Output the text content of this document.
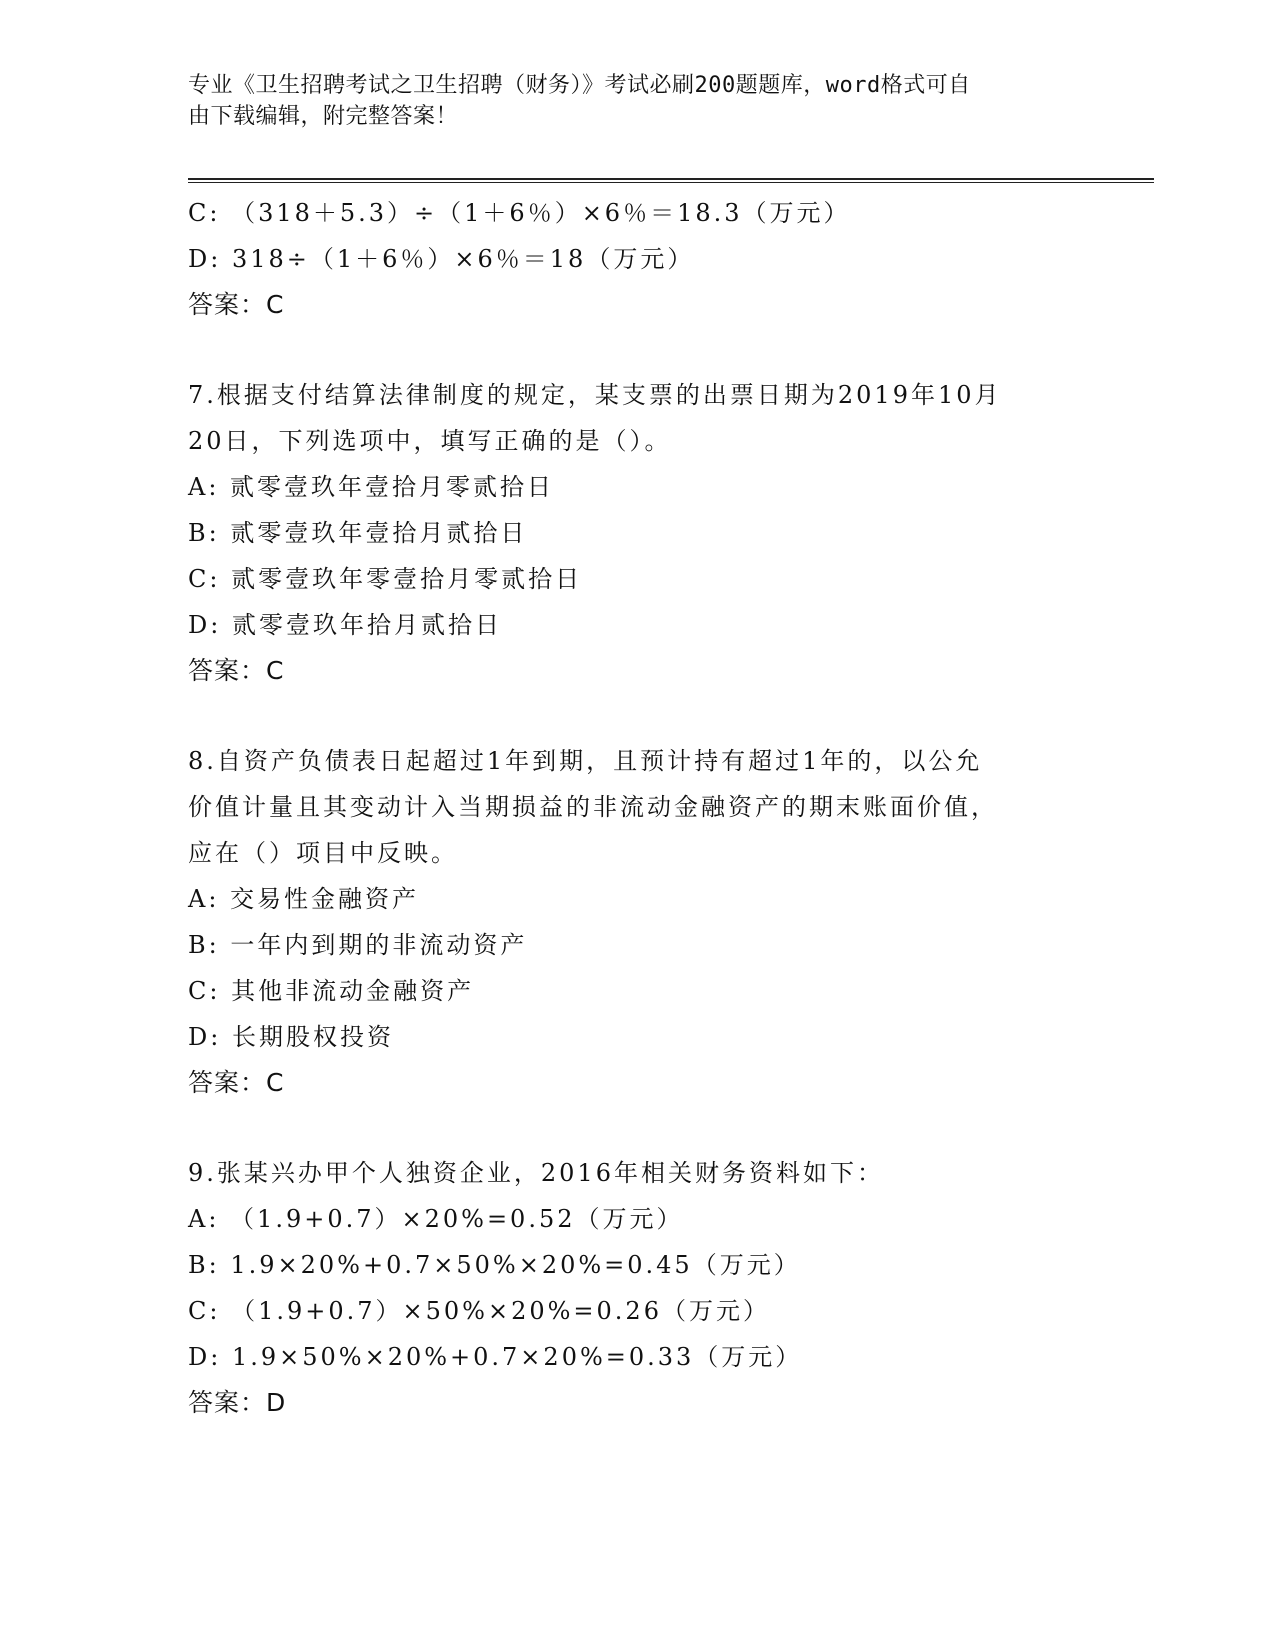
专业《卫生招聘考试之卫生招聘（财务）》考试必刷200题题库，word格式可自
由下载编辑，附完整答案！
C: （318＋5.3）÷（1＋6％）×6％＝18.3（万元）
D: 318÷（1＋6％）×6％＝18（万元）
答案：C
7.根据支付结算法律制度的规定，某支票的出票日期为2019年10月
20日，下列选项中，填写正确的是（）。
A: 贰零壹玖年壹拾月零贰拾日
B: 贰零壹玖年壹拾月贰拾日
C: 贰零壹玖年零壹拾月零贰拾日
D: 贰零壹玖年拾月贰拾日
答案：C
8.自资产负债表日起超过1年到期，且预计持有超过1年的，以公允
价值计量且其变动计入当期损益的非流动金融资产的期末账面价值，
应在（）项目中反映。
A: 交易性金融资产
B: 一年内到期的非流动资产
C: 其他非流动金融资产
D: 长期股权投资
答案：C
9.张某兴办甲个人独资企业，2016年相关财务资料如下：
A: （1.9+0.7）×20%=0.52（万元）
B: 1.9×20%+0.7×50%×20%=0.45（万元）
C: （1.9+0.7）×50%×20%=0.26（万元）
D: 1.9×50%×20%+0.7×20%=0.33（万元）
答案：D
